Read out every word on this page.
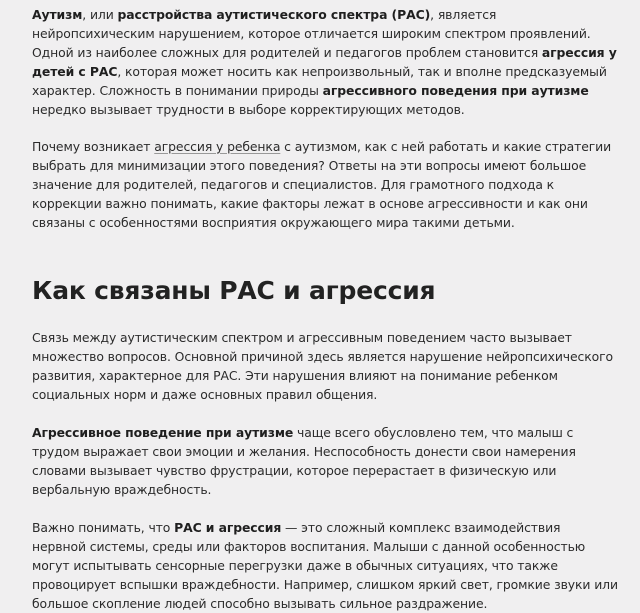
Аутизм, или расстройства аутистического спектра (РАС), является нейропсихическим нарушением, которое отличается широким спектром проявлений. Одной из наиболее сложных для родителей и педагогов проблем становится агрессия у детей с РАС, которая может носить как непроизвольный, так и вполне предсказуемый характер. Сложность в понимании природы агрессивного поведения при аутизме нередко вызывает трудности в выборе корректирующих методов.

Почему возникает агрессия у ребенка с аутизмом, как с ней работать и какие стратегии выбрать для минимизации этого поведения? Ответы на эти вопросы имеют большое значение для родителей, педагогов и специалистов. Для грамотного подхода к коррекции важно понимать, какие факторы лежат в основе агрессивности и как они связаны с особенностями восприятия окружающего мира такими детьми.

Как связаны РАС и агрессия

Связь между аутистическим спектром и агрессивным поведением часто вызывает множество вопросов. Основной причиной здесь является нарушение нейропсихического развития, характерное для РАС. Эти нарушения влияют на понимание ребенком социальных норм и даже основных правил общения.

Агрессивное поведение при аутизме чаще всего обусловлено тем, что малыш с трудом выражает свои эмоции и желания. Неспособность донести свои намерения словами вызывает чувство фрустрации, которое перерастает в физическую или вербальную враждебность.

Важно понимать, что РАС и агрессия — это сложный комплекс взаимодействия нервной системы, среды или факторов воспитания. Малыши с данной особенностью могут испытывать сенсорные перегрузки даже в обычных ситуациях, что также провоцирует вспышки враждебности. Например, слишком яркий свет, громкие звуки или большое скопление людей способно вызывать сильное раздражение.
